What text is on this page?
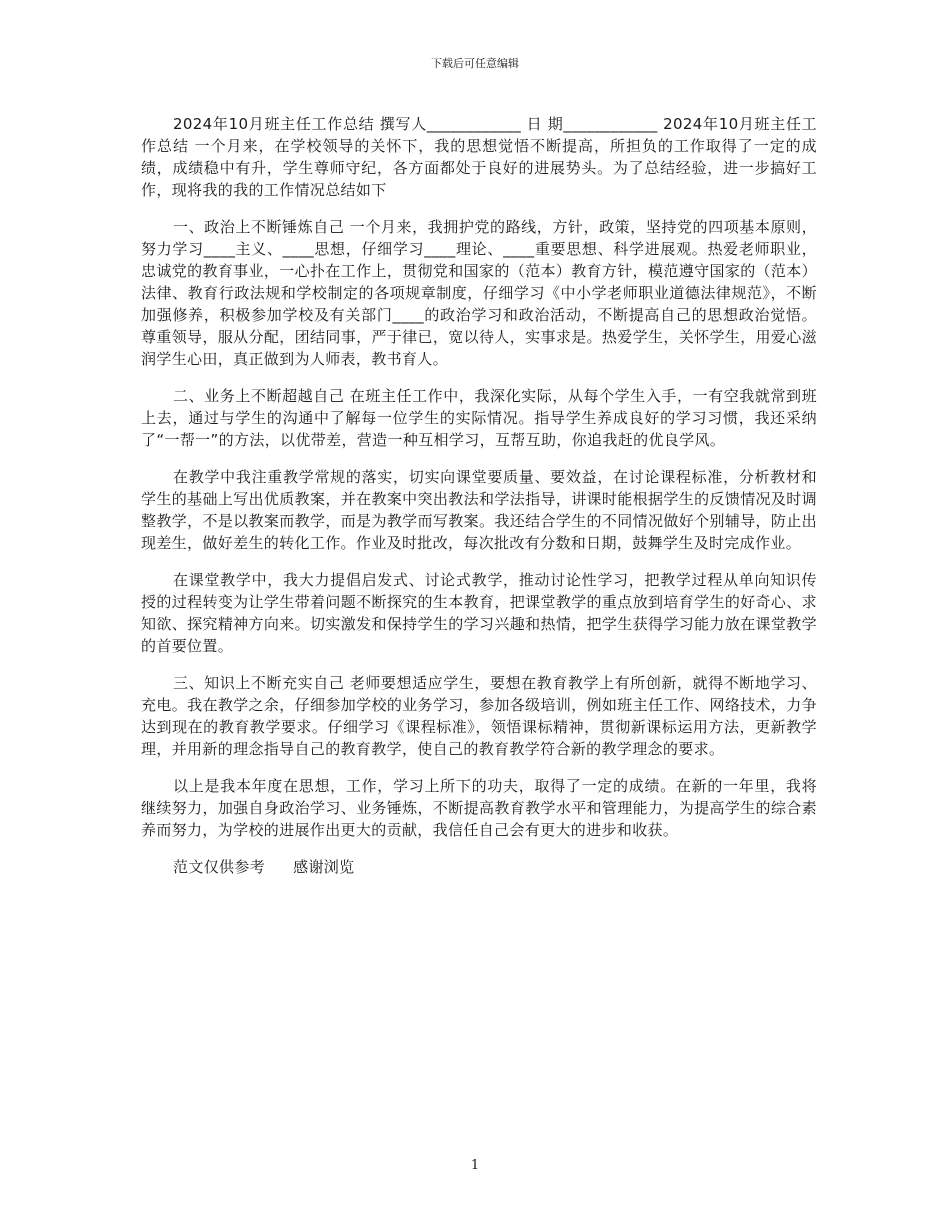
下载后可任意编辑

2024年10月班主任工作总结 撰写人____________ 日 期____________ 2024年10月班主任工作总结 一个月来，在学校领导的关怀下，我的思想觉悟不断提高，所担负的工作取得了一定的成绩，成绩稳中有升，学生尊师守纪，各方面都处于良好的进展势头。为了总结经验，进一步搞好工作，现将我的我的工作情况总结如下

一、政治上不断锤炼自己 一个月来，我拥护党的路线，方针，政策，坚持党的四项基本原则，努力学习____主义、____思想，仔细学习____理论、____重要思想、科学进展观。热爱老师职业，忠诚党的教育事业，一心扑在工作上，贯彻党和国家的（范本）教育方针，模范遵守国家的（范本）法律、教育行政法规和学校制定的各项规章制度，仔细学习《中小学老师职业道德法律规范》，不断加强修养，积极参加学校及有关部门____的政治学习和政治活动，不断提高自己的思想政治觉悟。尊重领导，服从分配，团结同事，严于律已，宽以待人，实事求是。热爱学生，关怀学生，用爱心滋润学生心田，真正做到为人师表，教书育人。

二、业务上不断超越自己 在班主任工作中，我深化实际，从每个学生入手，一有空我就常到班上去，通过与学生的沟通中了解每一位学生的实际情况。指导学生养成良好的学习习惯，我还采纳了“一帮一”的方法，以优带差，营造一种互相学习，互帮互助，你追我赶的优良学风。

在教学中我注重教学常规的落实，切实向课堂要质量、要效益，在讨论课程标准，分析教材和学生的基础上写出优质教案，并在教案中突出教法和学法指导，讲课时能根据学生的反馈情况及时调整教学，不是以教案而教学，而是为教学而写教案。我还结合学生的不同情况做好个别辅导，防止出现差生，做好差生的转化工作。作业及时批改，每次批改有分数和日期，鼓舞学生及时完成作业。

在课堂教学中，我大力提倡启发式、讨论式教学，推动讨论性学习，把教学过程从单向知识传授的过程转变为让学生带着问题不断探究的生本教育，把课堂教学的重点放到培育学生的好奇心、求知欲、探究精神方向来。切实激发和保持学生的学习兴趣和热情，把学生获得学习能力放在课堂教学的首要位置。

三、知识上不断充实自己 老师要想适应学生，要想在教育教学上有所创新，就得不断地学习、充电。我在教学之余，仔细参加学校的业务学习，参加各级培训，例如班主任工作、网络技术，力争达到现在的教育教学要求。仔细学习《课程标准》，领悟课标精神，贯彻新课标运用方法，更新教学理，并用新的理念指导自己的教育教学，使自己的教育教学符合新的教学理念的要求。

以上是我本年度在思想，工作，学习上所下的功夫，取得了一定的成绩。在新的一年里，我将继续努力，加强自身政治学习、业务锤炼，不断提高教育教学水平和管理能力，为提高学生的综合素养而努力，为学校的进展作出更大的贡献，我信任自己会有更大的进步和收获。

范文仅供参考 感谢浏览

1
